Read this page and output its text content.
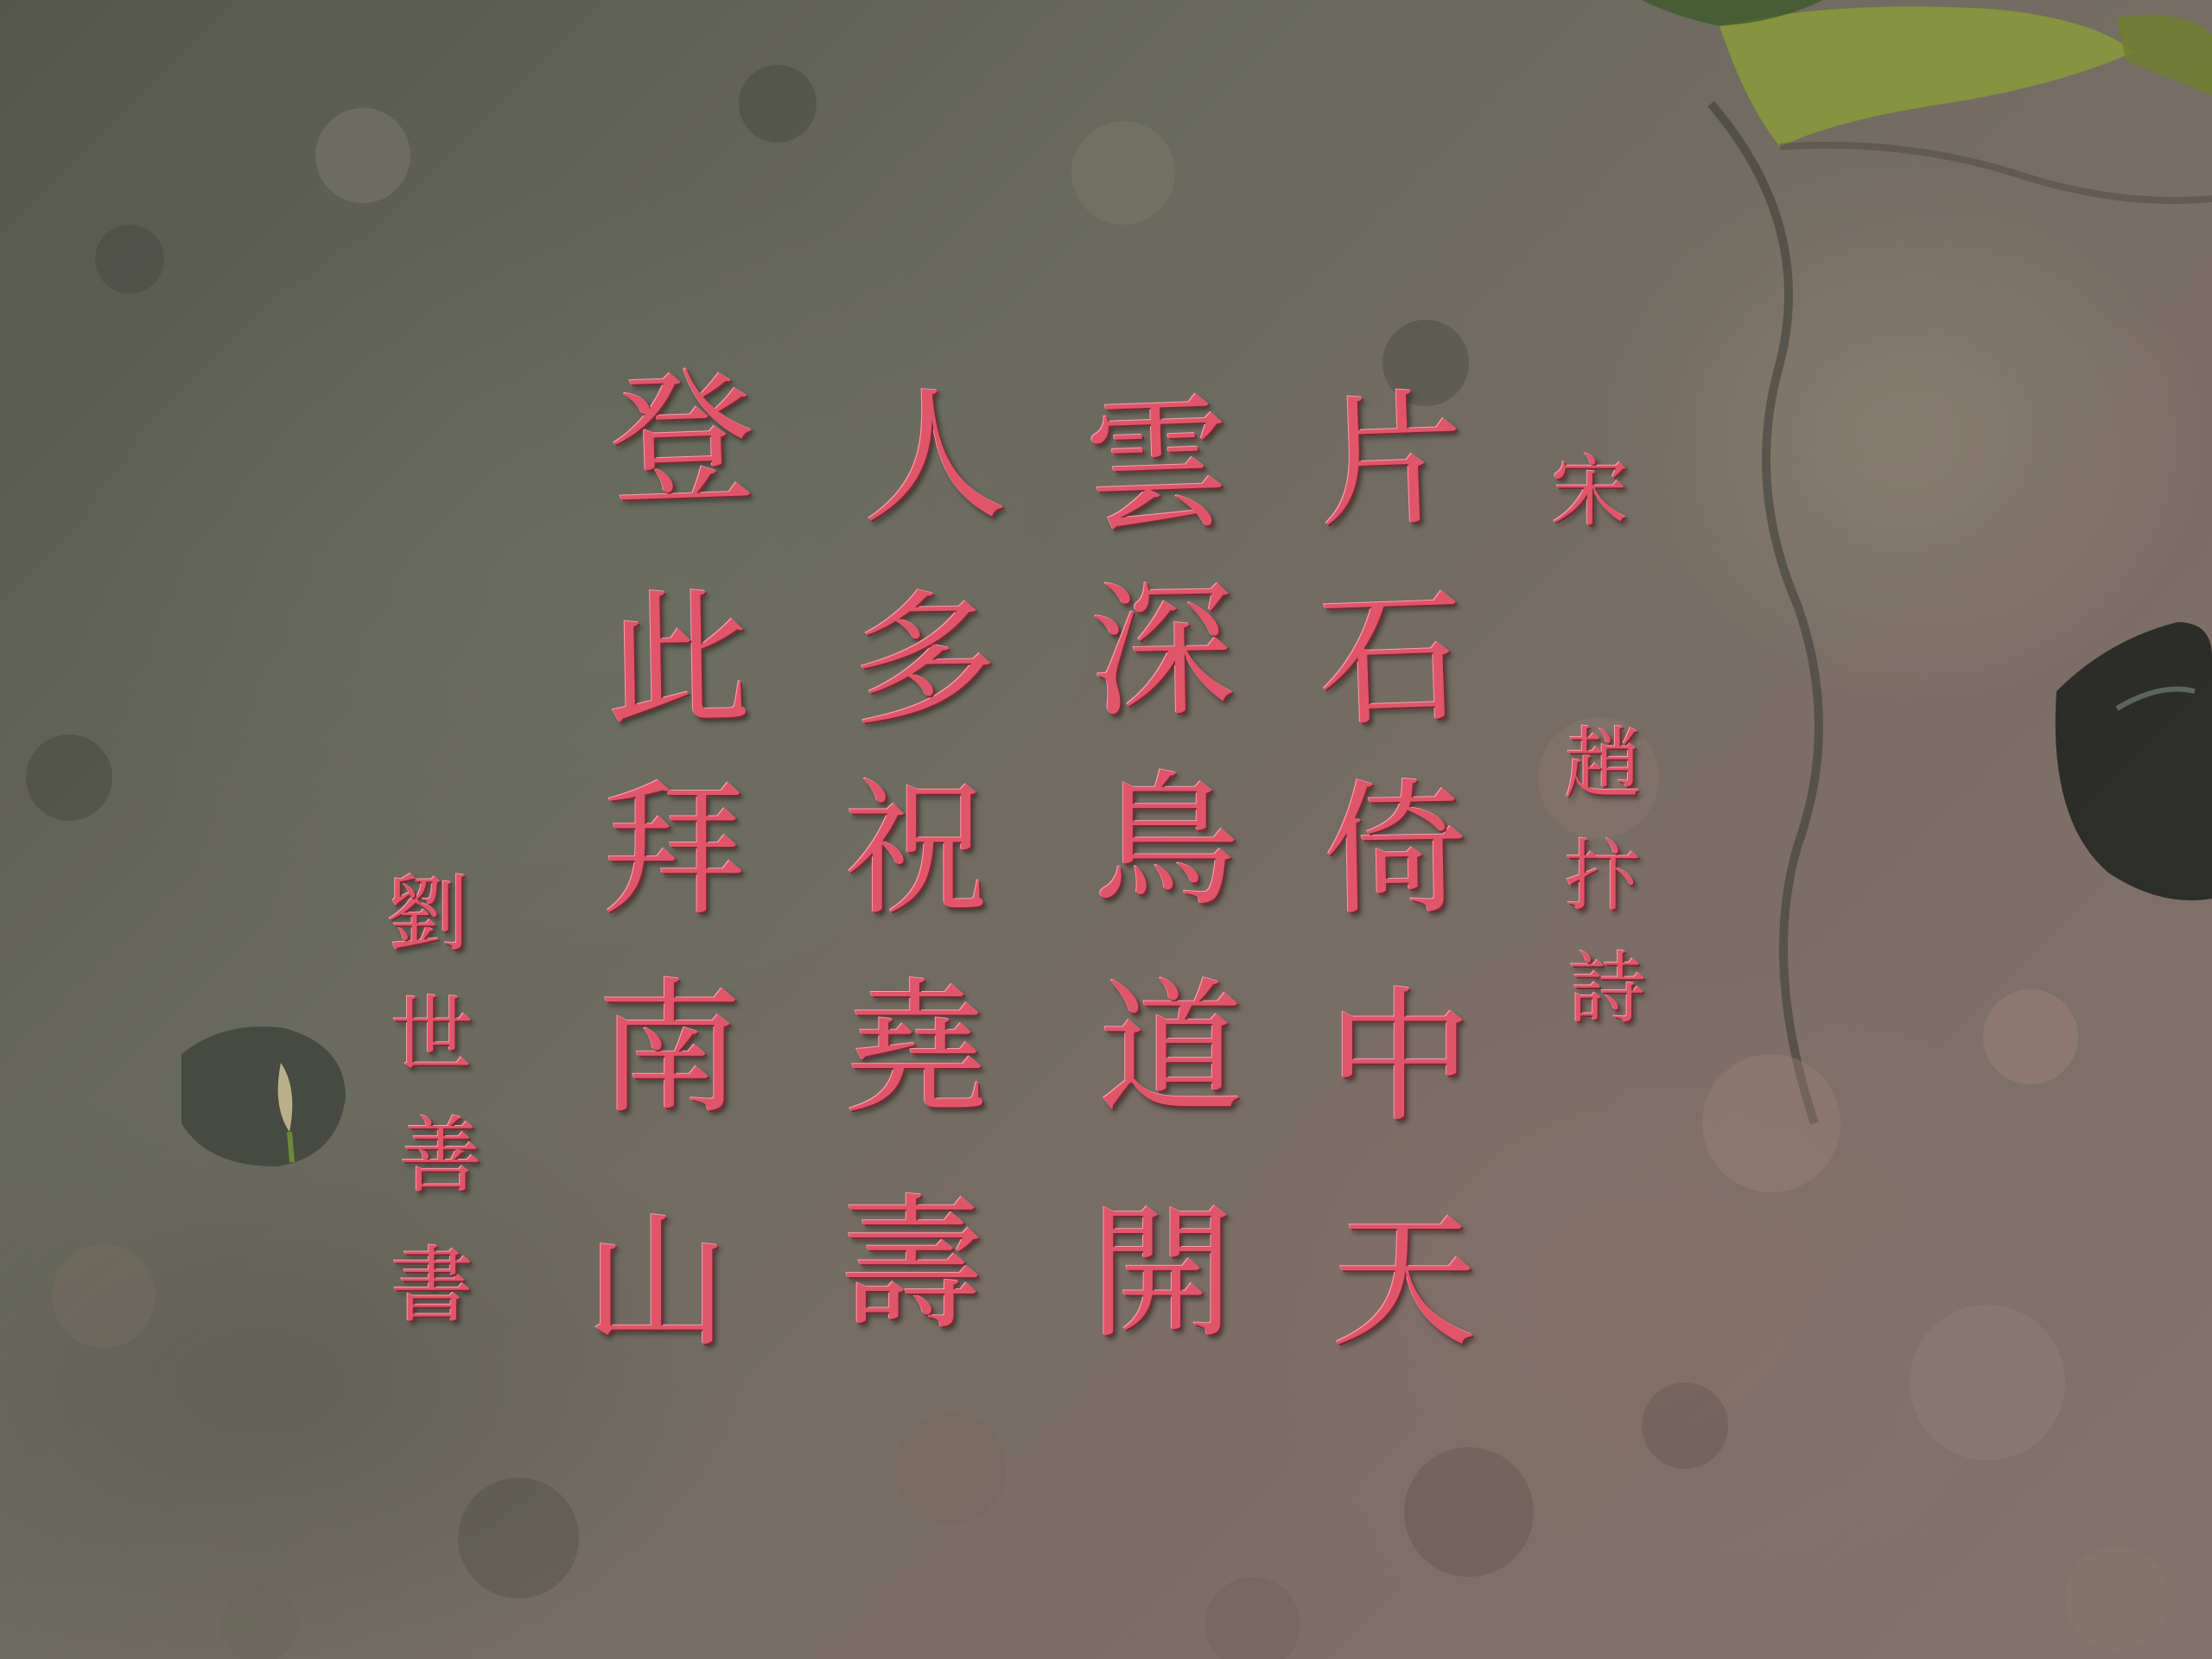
片
石
倚
中
天
雲
深
鳥
道
開
人
多
祝
堯
壽
登
此
拜
南
山
宋
趙
抃
詩
劉
世
善
書
